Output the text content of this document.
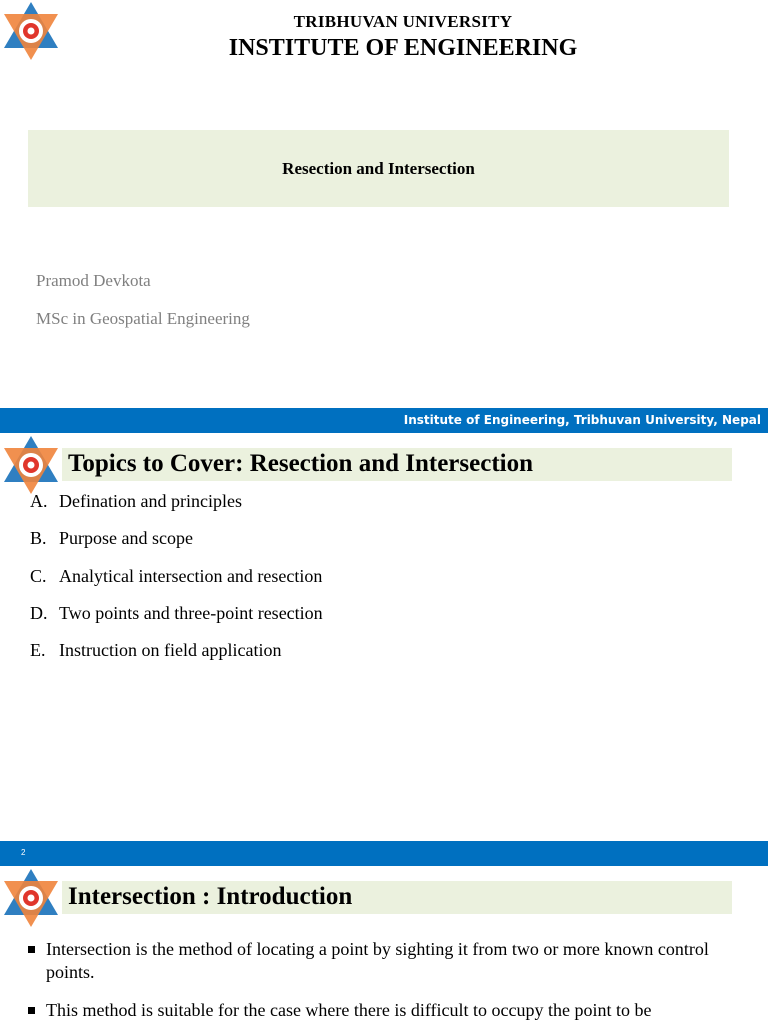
TRIBHUVAN UNIVERSITY
INSTITUTE OF ENGINEERING
Resection and Intersection
Pramod Devkota
MSc in Geospatial Engineering
Institute of Engineering, Tribhuvan University, Nepal
Topics to Cover: Resection and Intersection
A. Defination and principles
B. Purpose and scope
C. Analytical intersection and resection
D. Two points and three-point resection
E. Instruction on field application
2
Intersection : Introduction
Intersection is the method of locating a point by sighting it from two or more known control points.
This method is suitable for the case where there is difficult to occupy the point to be
